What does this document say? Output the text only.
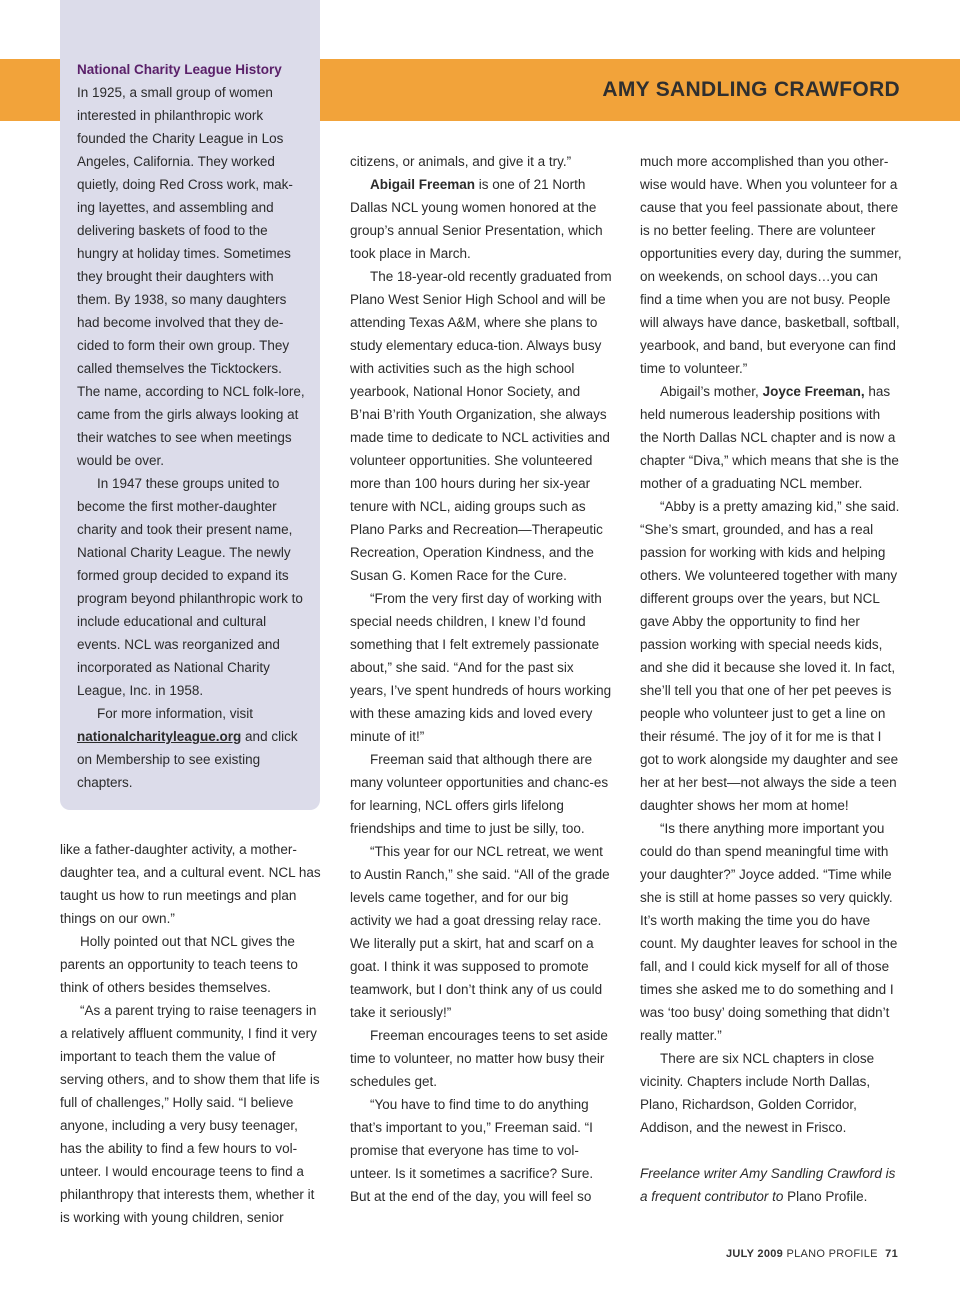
AMY SANDLING CRAWFORD
National Charity League History

In 1925, a small group of women interested in philanthropic work founded the Charity League in Los Angeles, California. They worked quietly, doing Red Cross work, mak-ing layettes, and assembling and delivering baskets of food to the hungry at holiday times. Sometimes they brought their daughters with them. By 1938, so many daughters had become involved that they de-cided to form their own group. They called themselves the Ticktockers. The name, according to NCL folk-lore, came from the girls always looking at their watches to see when meetings would be over.

In 1947 these groups united to become the first mother-daughter charity and took their present name, National Charity League. The newly formed group decided to expand its program beyond philanthropic work to include educational and cultural events. NCL was reorganized and incorporated as National Charity League, Inc. in 1958.

For more information, visit nationalcharityleague.org and click on Membership to see existing chapters.

like a father-daughter activity, a mother-daughter tea, and a cultural event. NCL has taught us how to run meetings and plan things on our own.”

Holly pointed out that NCL gives the parents an opportunity to teach teens to think of others besides themselves.

“As a parent trying to raise teenagers in a relatively affluent community, I find it very important to teach them the value of serving others, and to show them that life is full of challenges,” Holly said. “I believe anyone, including a very busy teenager, has the ability to find a few hours to vol-unteer. I would encourage teens to find a philanthropy that interests them, whether it is working with young children, senior

citizens, or animals, and give it a try.”

Abigail Freeman is one of 21 North Dallas NCL young women honored at the group’s annual Senior Presentation, which took place in March.

The 18-year-old recently graduated from Plano West Senior High School and will be attending Texas A&M, where she plans to study elementary educa-tion. Always busy with activities such as the high school yearbook, National Honor Society, and B’nai B’rith Youth Organization, she always made time to dedicate to NCL activities and volunteer opportunities. She volunteered more than 100 hours during her six-year tenure with NCL, aiding groups such as Plano Parks and Recreation—Therapeutic Recreation, Operation Kindness, and the Susan G. Komen Race for the Cure.

“From the very first day of working with special needs children, I knew I’d found something that I felt extremely passionate about,” she said. “And for the past six years, I’ve spent hundreds of hours working with these amazing kids and loved every minute of it!”

Freeman said that although there are many volunteer opportunities and chanc-es for learning, NCL offers girls lifelong friendships and time to just be silly, too.

“This year for our NCL retreat, we went to Austin Ranch,” she said. “All of the grade levels came together, and for our big activity we had a goat dressing relay race. We literally put a skirt, hat and scarf on a goat. I think it was supposed to promote teamwork, but I don’t think any of us could take it seriously!”

Freeman encourages teens to set aside time to volunteer, no matter how busy their schedules get.

“You have to find time to do anything that’s important to you,” Freeman said. “I promise that everyone has time to vol-unteer. Is it sometimes a sacrifice? Sure. But at the end of the day, you will feel so

much more accomplished than you other-wise would have. When you volunteer for a cause that you feel passionate about, there is no better feeling. There are volunteer opportunities every day, during the summer, on weekends, on school days…you can find a time when you are not busy. People will always have dance, basketball, softball, yearbook, and band, but everyone can find time to volunteer.”

Abigail’s mother, Joyce Freeman, has held numerous leadership positions with the North Dallas NCL chapter and is now a chapter “Diva,” which means that she is the mother of a graduating NCL member.

“Abby is a pretty amazing kid,” she said. “She’s smart, grounded, and has a real passion for working with kids and helping others. We volunteered together with many different groups over the years, but NCL gave Abby the opportunity to find her passion working with special needs kids, and she did it because she loved it. In fact, she’ll tell you that one of her pet peeves is people who volunteer just to get a line on their résumé. The joy of it for me is that I got to work alongside my daughter and see her at her best—not always the side a teen daughter shows her mom at home!

“Is there anything more important you could do than spend meaningful time with your daughter?” Joyce added. “Time while she is still at home passes so very quickly. It’s worth making the time you do have count. My daughter leaves for school in the fall, and I could kick myself for all of those times she asked me to do something and I was ‘too busy’ doing something that didn’t really matter.”

There are six NCL chapters in close vicinity. Chapters include North Dallas, Plano, Richardson, Golden Corridor, Addison, and the newest in Frisco.

Freelance writer Amy Sandling Crawford is a frequent contributor to Plano Profile.

JULY 2009 PLANO PROFILE 71
